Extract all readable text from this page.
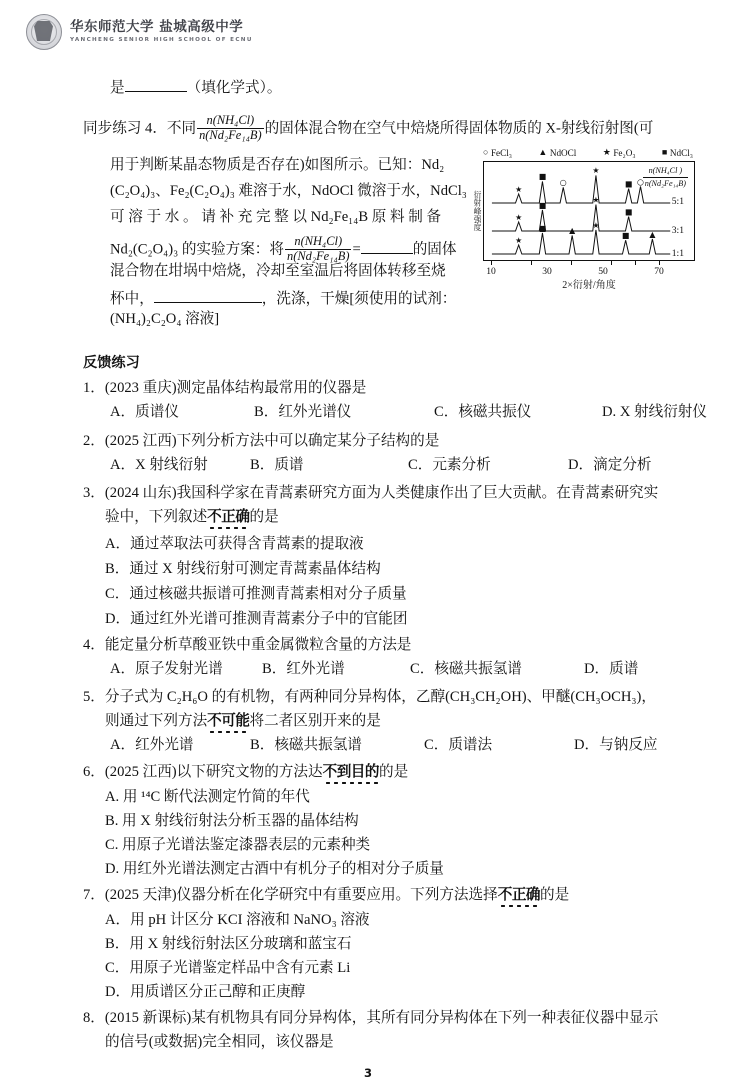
华东师范大学 盐城高级中学
YANCHENG SENIOR HIGH SCHOOL OF ECNU
是	（填化学式）。
同步练习 4．不同 $\frac{\text{n(NH₄Cl)}}{\text{n(Nd₂Fe₁₄B)}}$ 的固体混合物在空气中焙烧所得固体物质的 X-射线衍射图(可
用于判断某晶态物质是否存在)如图所示。已知：Nd₂
(C₂O₄)₃、Fe₂(C₂O₄)₃ 难溶于水，NdOCl 微溶于水，NdCl₃
可 溶 于 水 。 请 补 充 完 整 以 Nd₂Fe₁₄B 原 料 制 备
Nd₂(C₂O₄)₃ 的实验方案：将 $\frac{\text{n(NH₄Cl)}}{\text{n(Nd₂Fe₁₄B)}}$ =	的固体
混合物在坩埚中焙烧，冷却至室温后将固体转移至烧
杯中，	，洗涤，干燥[须使用的试剂：
(NH₄)₂C₂O₄ 溶液]
反馈练习
1．(2023 重庆)测定晶体结构最常用的仪器是
A．质谱仪	B．红外光谱仪	C．核磁共振仪	D. X 射线衍射仪
2．(2025 江西)下列分析方法中可以确定某分子结构的是
A．X 射线衍射	B．质谱	C．元素分析	D．滴定分析
3．(2024 山东)我国科学家在青蒿素研究方面为人类健康作出了巨大贡献。在青蒿素研究实
验中，下列叙述不正确的是
A．通过萃取法可获得含青蒿素的提取液
B．通过 X 射线衍射可测定青蒿素晶体结构
C．通过核磁共振谱可推测青蒿素相对分子质量
D．通过红外光谱可推测青蒿素分子中的官能团
4．能定量分析草酸亚铁中重金属微粒含量的方法是
A．原子发射光谱	B．红外光谱	C．核磁共振氢谱	D．质谱
5．分子式为 C₂H₆O 的有机物，有两种同分异构体，乙醇(CH₃CH₂OH)、甲醚(CH₃OCH₃)，
则通过下列方法不可能将二者区别开来的是
A．红外光谱	B．核磁共振氢谱	C．质谱法	D．与钠反应
6．(2025 江西)以下研究文物的方法达不到目的的是
A. 用 ¹⁴C 断代法测定竹简的年代
B. 用 X 射线衍射法分析玉器的晶体结构
C. 用原子光谱法鉴定漆器表层的元素种类
D. 用红外光谱法测定古酒中有机分子的相对分子质量
7．(2025 天津)仪器分析在化学研究中有重要应用。下列方法选择不正确的是
A．用 pH 计区分 KCI 溶液和 NaNO₃ 溶液
B．用 X 射线衍射法区分玻璃和蓝宝石
C．用原子光谱鉴定样品中含有元素 Li
D．用质谱区分正己醇和正庚醇
8．(2015 新课标)某有机物具有同分异构体，其所有同分异构体在下列一种表征仪器中显示
的信号(或数据)完全相同，该仪器是
○ FeCl₃	▲ NdOCl	★ Fe₂O₃	■ NdCl₃
衍射峰强度
$\frac{\text{n(NH₄Cl )}}{\text{n(Nd₂Fe₁₄B)}}$
5:1
3:1
1:1
★
■
○
★
■ ○
★
■
★
■
★
■	▲
★
■ ▲
10	30	50	70
2×衍射/角度
3
